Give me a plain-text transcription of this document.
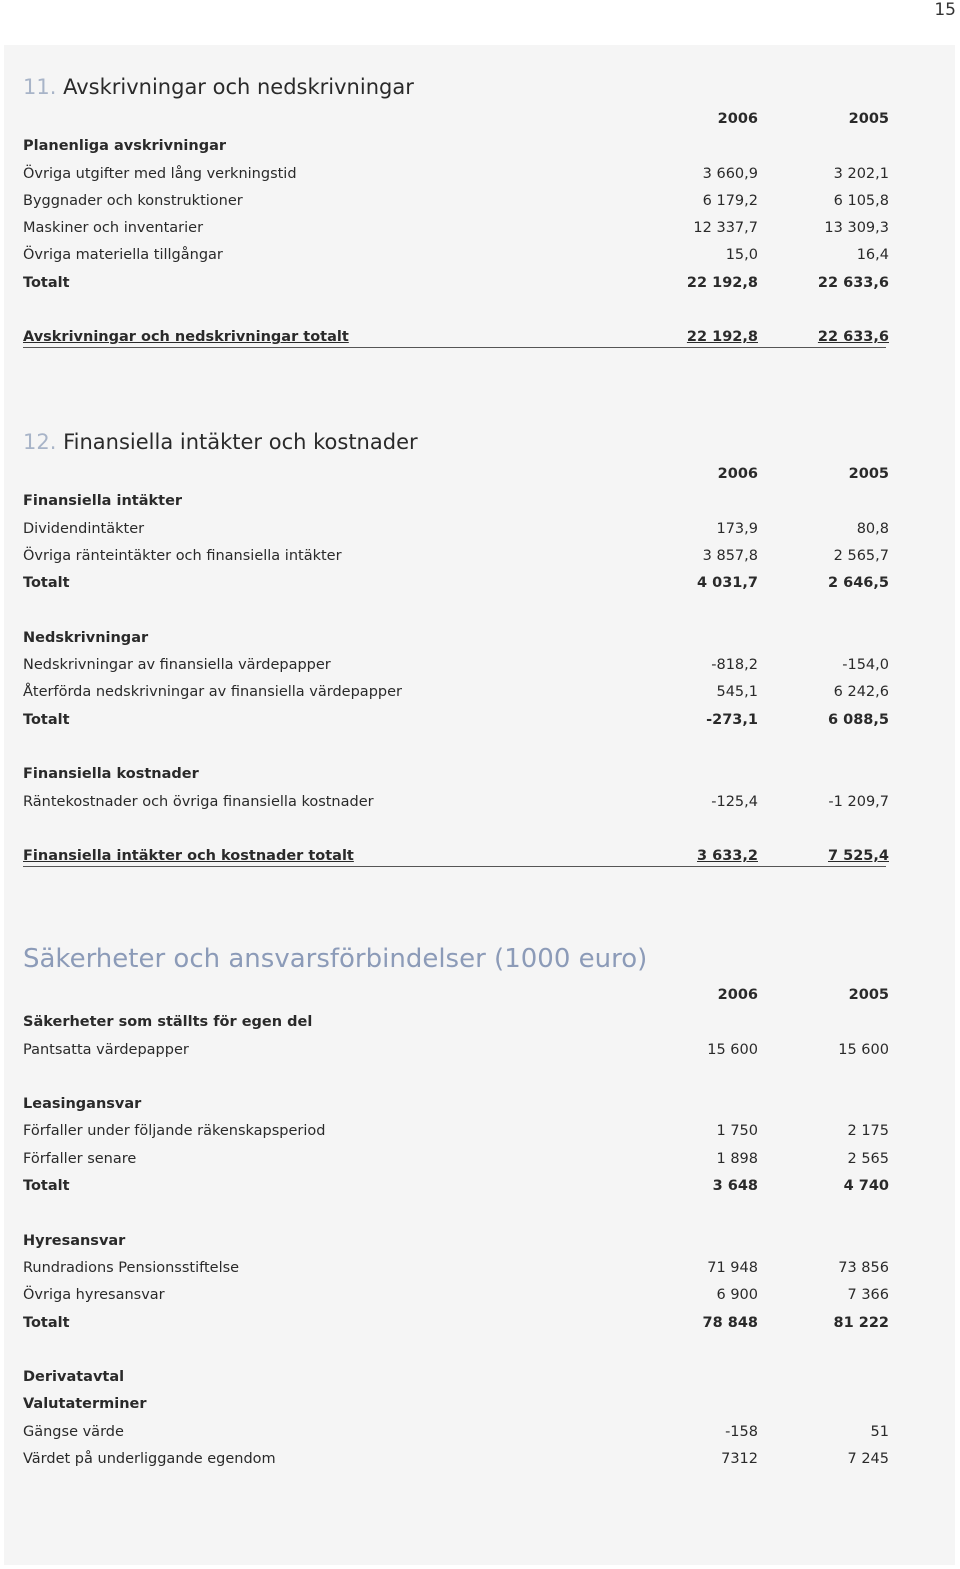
15
11. Avskrivningar och nedskrivningar
2006	2005
Planenliga avskrivningar
Övriga utgifter med lång verkningstid	3 660,9	3 202,1
Byggnader och konstruktioner	6 179,2	6 105,8
Maskiner och inventarier	12 337,7	13 309,3
Övriga materiella tillgångar	15,0	16,4
Totalt	22 192,8	22 633,6
Avskrivningar och nedskrivningar totalt	22 192,8	22 633,6
12. Finansiella intäkter och kostnader
2006	2005
Finansiella intäkter
Dividendintäkter	173,9	80,8
Övriga ränteintäkter och finansiella intäkter	3 857,8	2 565,7
Totalt	4 031,7	2 646,5
Nedskrivningar
Nedskrivningar av finansiella värdepapper	-818,2	-154,0
Återförda nedskrivningar av finansiella värdepapper	545,1	6 242,6
Totalt	-273,1	6 088,5
Finansiella kostnader
Räntekostnader och övriga finansiella kostnader	-125,4	-1 209,7
Finansiella intäkter och kostnader totalt	3 633,2	7 525,4
Säkerheter och ansvarsförbindelser (1000 euro)
2006	2005
Säkerheter som ställts för egen del
Pantsatta värdepapper	15 600	15 600
Leasingansvar
Förfaller under följande räkenskapsperiod	1 750	2 175
Förfaller senare	1 898	2 565
Totalt	3 648	4 740
Hyresansvar
Rundradions Pensionsstiftelse	71 948	73 856
Övriga hyresansvar	6 900	7 366
Totalt	78 848	81 222
Derivatavtal
Valutaterminer
Gängse värde	-158	51
Värdet på underliggande egendom	7312	7 245
